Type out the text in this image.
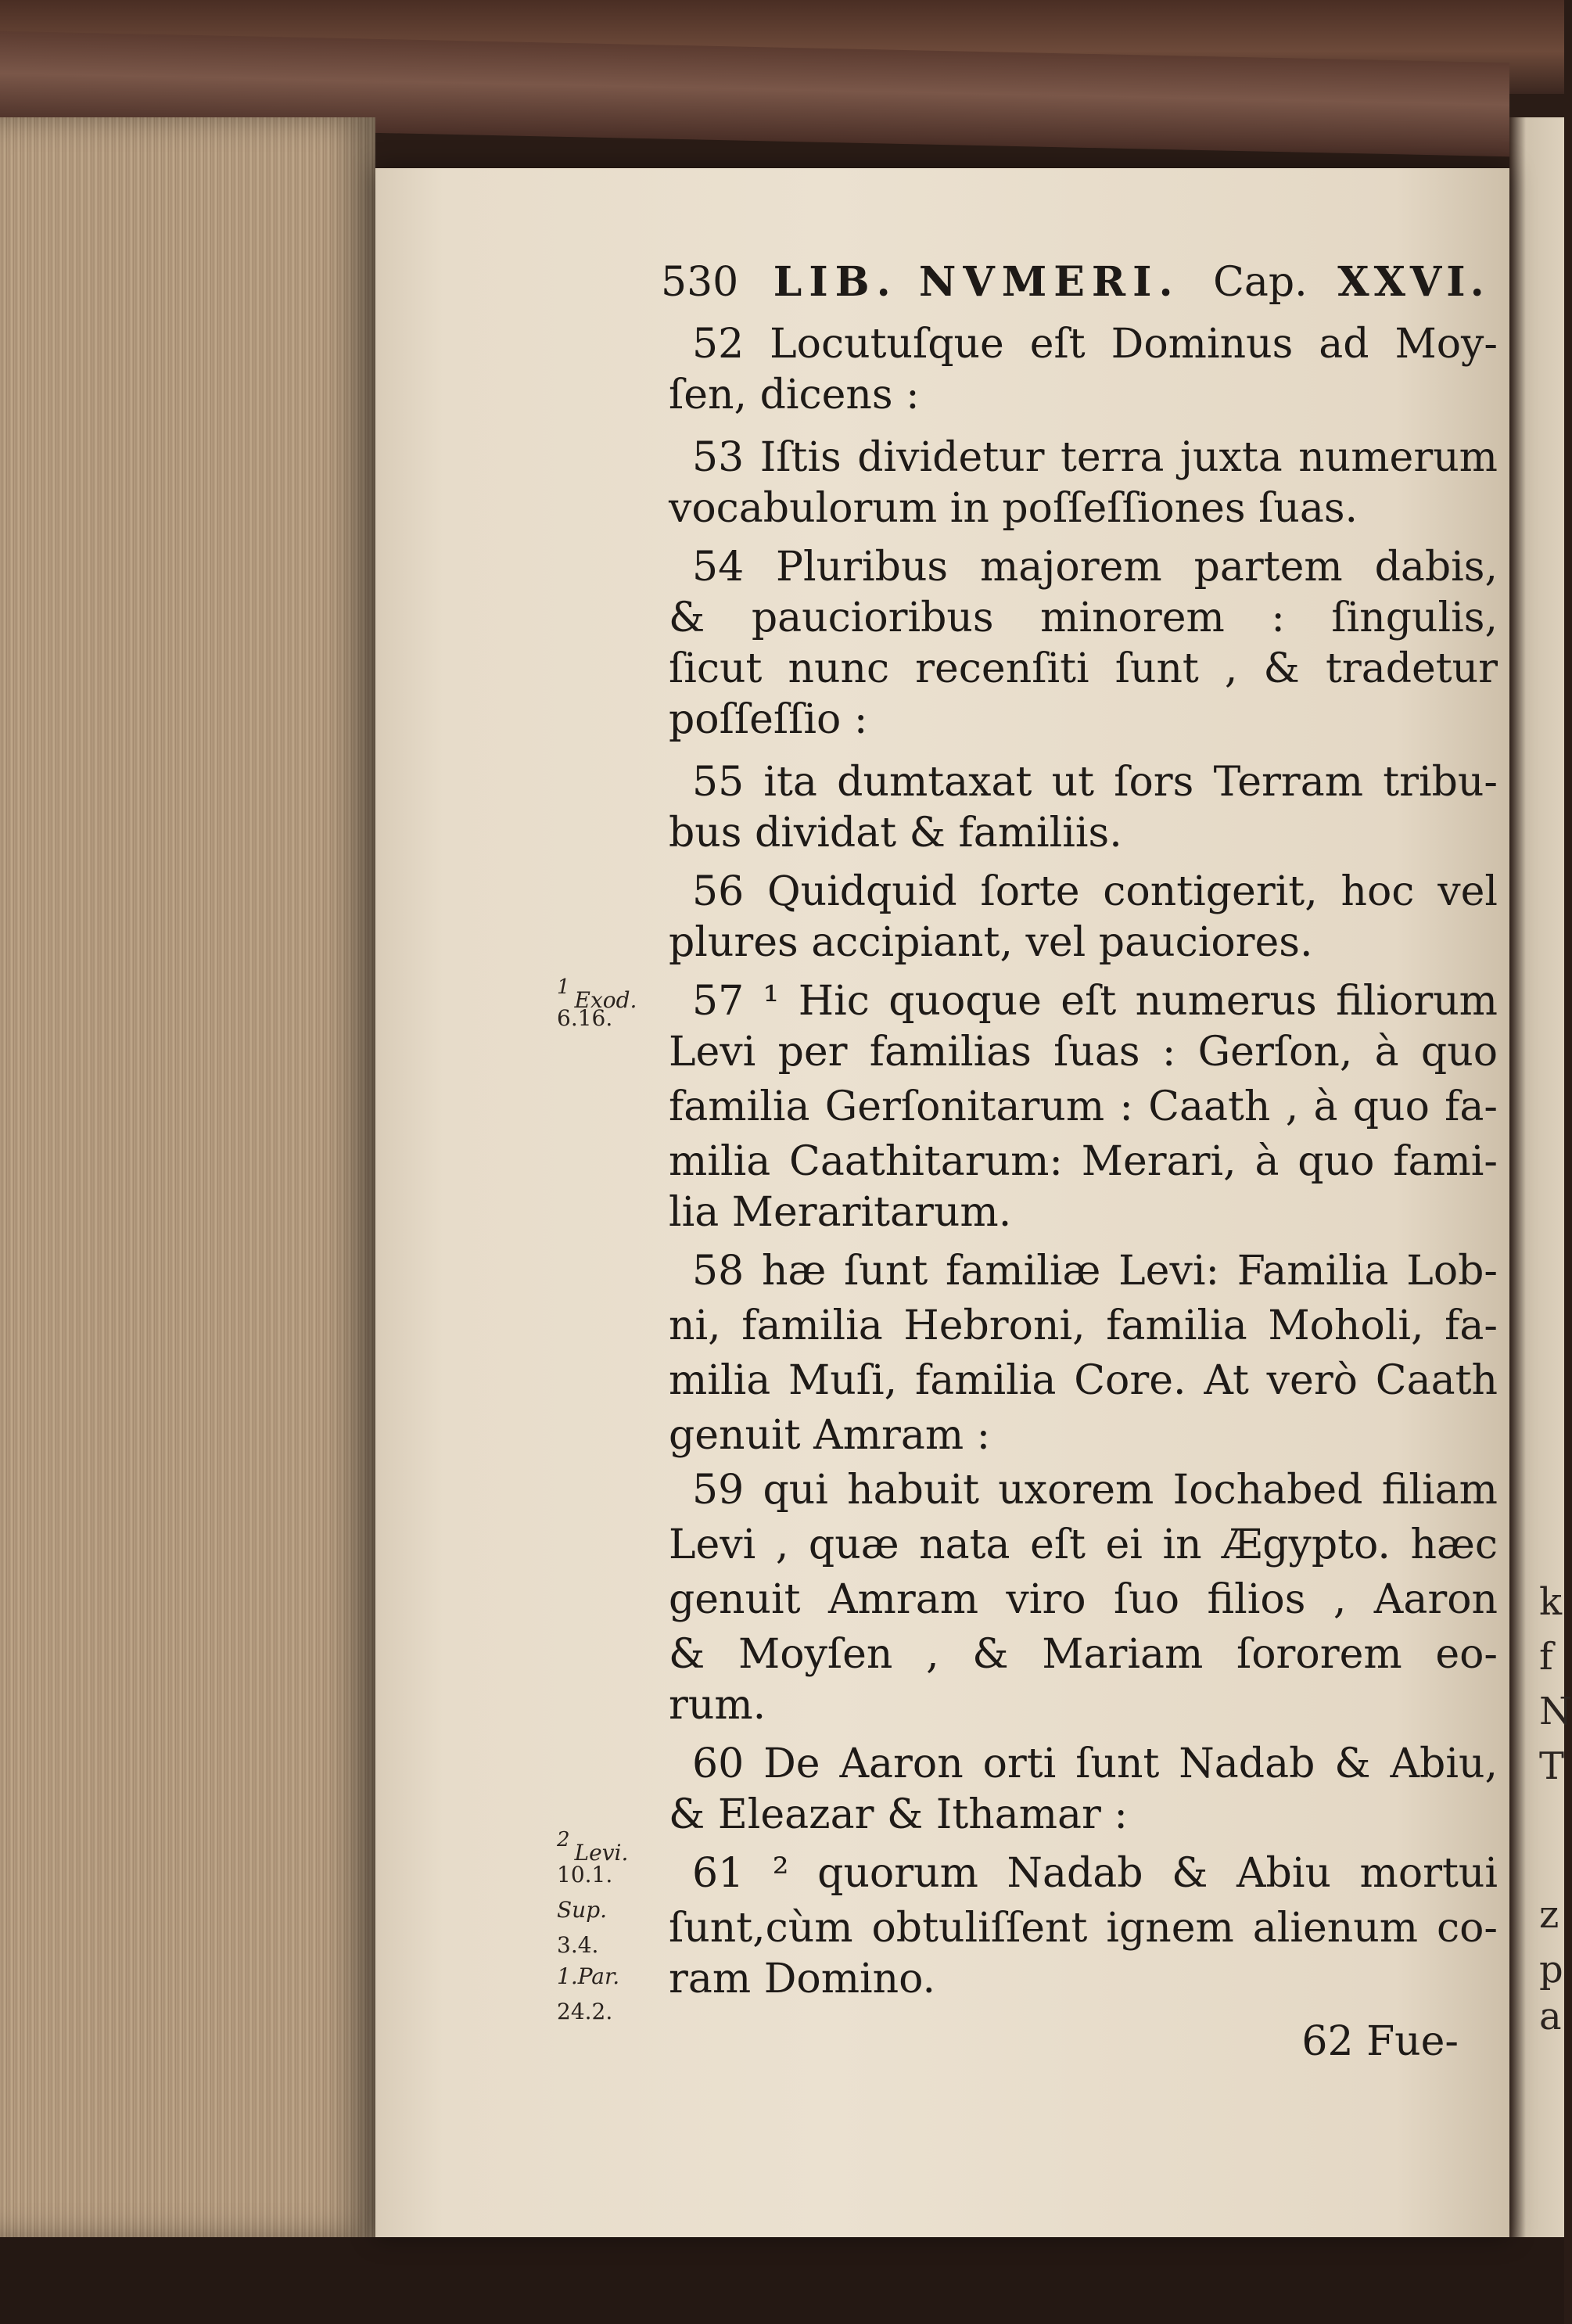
k
f
N
T
z
p
a
530 LIB. NVMERI. Cap. XXVI.
52 Locutuſque eſt Dominus ad Moy-
ſen, dicens :
53 Iſtis dividetur terra juxta numerum
vocabulorum in poſſeſſiones ſuas.
54 Pluribus majorem partem dabis,
& paucioribus minorem : ſingulis,
ſicut nunc recenſiti ſunt , & tradetur
poſſeſſio :
55 ita dumtaxat ut ſors Terram tribu-
bus dividat & familiis.
56 Quidquid ſorte contigerit, hoc vel
plures accipiant, vel pauciores.
57 ¹ Hic quoque eſt numerus filiorum
Levi per familias ſuas : Gerſon, à quo
familia Gerſonitarum : Caath , à quo fa-
milia Caathitarum: Merari, à quo fami-
lia Meraritarum.
58 hæ ſunt familiæ Levi: Familia Lob-
ni, familia Hebroni, familia Moholi, fa-
milia Muſi, familia Core. At verò Caath
genuit Amram :
59 qui habuit uxorem Iochabed filiam
Levi , quæ nata eſt ei in Ægypto. hæc
genuit Amram viro ſuo filios , Aaron
& Moyſen , & Mariam ſororem eo-
rum.
60 De Aaron orti ſunt Nadab & Abiu,
& Eleazar & Ithamar :
61 ² quorum Nadab & Abiu mortui
ſunt,cùm obtuliſſent ignem alienum co-
ram Domino.
62 Fue-
1 Exod.
6.16.
2 Levi.
10.1.
Sup.
3.4.
1.Par.
24.2.
